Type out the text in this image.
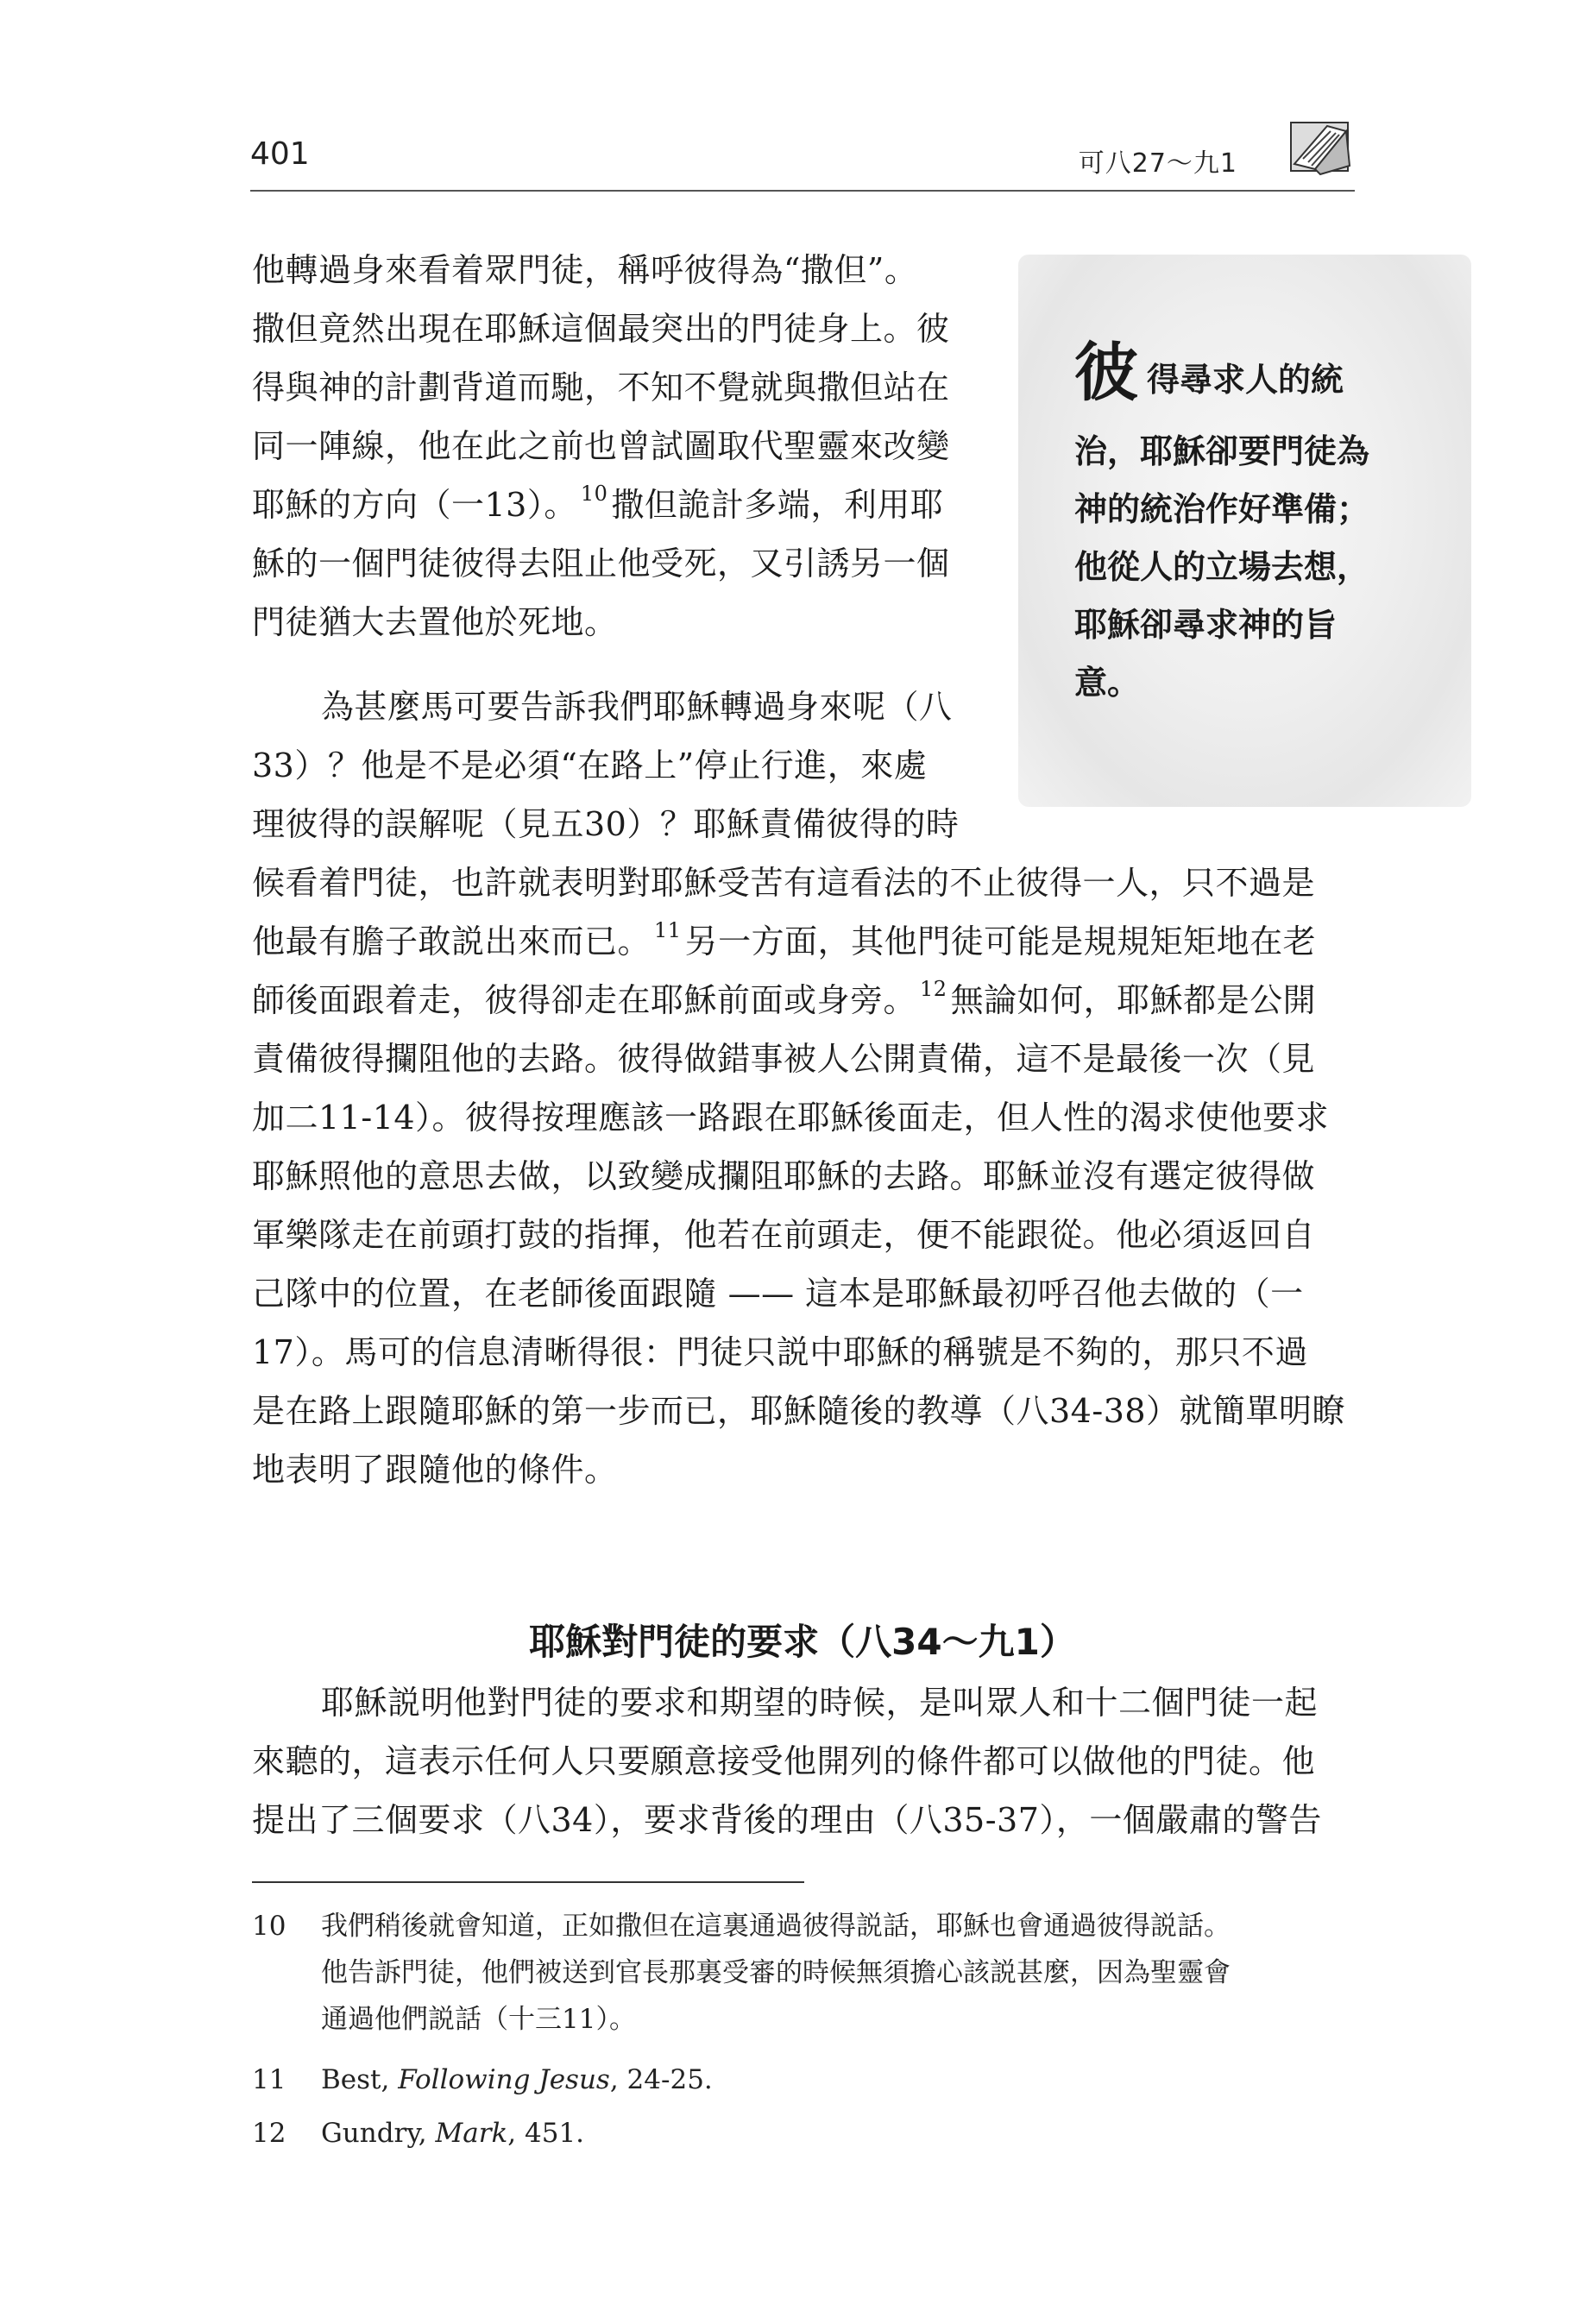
401	可八27～九1
他轉過身來看着眾門徒，稱呼彼得為“撒但”。
撒但竟然出現在耶穌這個最突出的門徒身上。彼
得與神的計劃背道而馳，不知不覺就與撒但站在
同一陣線，他在此之前也曾試圖取代聖靈來改變
耶穌的方向（一13）。 $^{10}$ 撒但詭計多端，利用耶
穌的一個門徒彼得去阻止他受死，又引誘另一個
門徒猶大去置他於死地。
為甚麼馬可要告訴我們耶穌轉過身來呢（八
33）？他是不是必須“在路上”停止行進，來處
理彼得的誤解呢（見五30）？耶穌責備彼得的時
候看着門徒，也許就表明對耶穌受苦有這看法的不止彼得一人，只不過是
他最有膽子敢説出來而已。 $^{11}$ 另一方面，其他門徒可能是規規矩矩地在老
師後面跟着走，彼得卻走在耶穌前面或身旁。 $^{12}$ 無論如何，耶穌都是公開
責備彼得攔阻他的去路。彼得做錯事被人公開責備，這不是最後一次（見
加二11-14）。彼得按理應該一路跟在耶穌後面走，但人性的渴求使他要求
耶穌照他的意思去做，以致變成攔阻耶穌的去路。耶穌並沒有選定彼得做
軍樂隊走在前頭打鼓的指揮，他若在前頭走，便不能跟從。他必須返回自
己隊中的位置，在老師後面跟隨 —— 這本是耶穌最初呼召他去做的（一
17）。馬可的信息清晰得很：門徒只説中耶穌的稱號是不夠的，那只不過
是在路上跟隨耶穌的第一步而已，耶穌隨後的教導（八34-38）就簡單明瞭
地表明了跟隨他的條件。
彼得尋求人的統
治，耶穌卻要門徒為
神的統治作好準備；
他從人的立場去想，
耶穌卻尋求神的旨
意。
耶穌對門徒的要求（八34～九1）
耶穌説明他對門徒的要求和期望的時候，是叫眾人和十二個門徒一起
來聽的，這表示任何人只要願意接受他開列的條件都可以做他的門徒。他
提出了三個要求（八34），要求背後的理由（八35-37），一個嚴肅的警告
10 我們稍後就會知道，正如撒但在這裏通過彼得説話，耶穌也會通過彼得説話。
他告訴門徒，他們被送到官長那裏受審的時候無須擔心該説甚麼，因為聖靈會
通過他們説話（十三11）。
11 Best, Following Jesus, 24-25.
12 Gundry, Mark, 451.
